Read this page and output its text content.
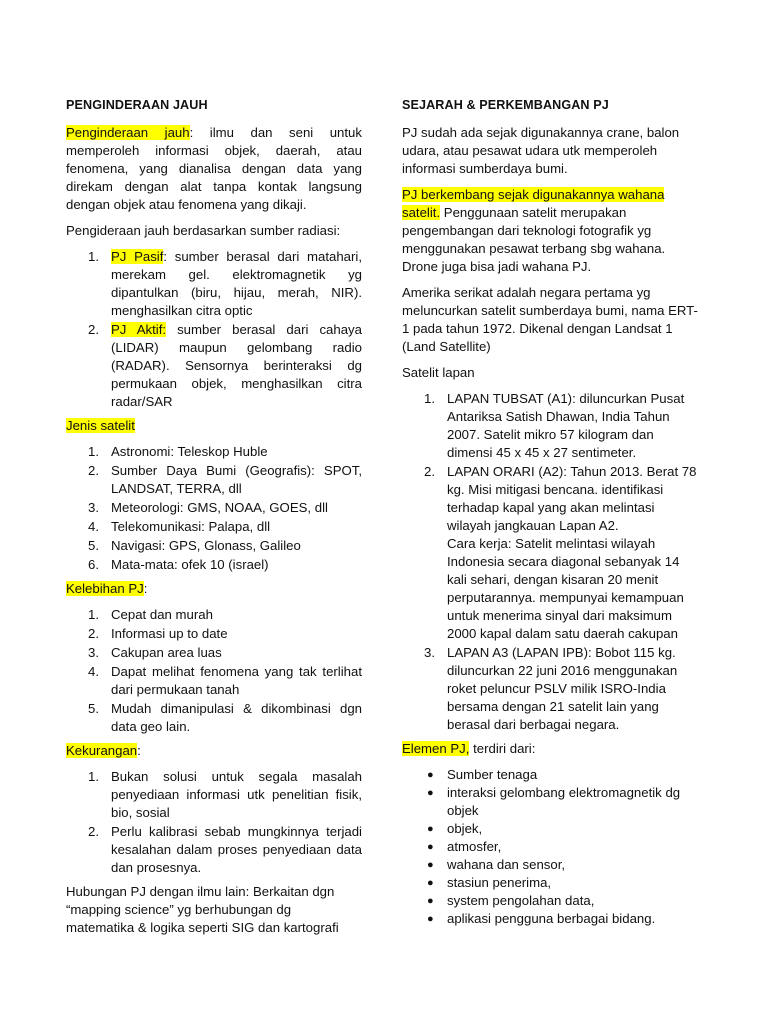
PENGINDERAAN JAUH

Penginderaan jauh: ilmu dan seni untuk memperoleh informasi objek, daerah, atau fenomena, yang dianalisa dengan data yang direkam dengan alat tanpa kontak langsung dengan objek atau fenomena yang dikaji.

Pengideraan jauh berdasarkan sumber radiasi:

1. PJ Pasif: sumber berasal dari matahari, merekam gel. elektromagnetik yg dipantulkan (biru, hijau, merah, NIR). menghasilkan citra optic
2. PJ Aktif: sumber berasal dari cahaya (LIDAR) maupun gelombang radio (RADAR). Sensornya berinteraksi dg permukaan objek, menghasilkan citra radar/SAR

Jenis satelit

1. Astronomi: Teleskop Huble
2. Sumber Daya Bumi (Geografis): SPOT, LANDSAT, TERRA, dll
3. Meteorologi: GMS, NOAA, GOES, dll
4. Telekomunikasi: Palapa, dll
5. Navigasi: GPS, Glonass, Galileo
6. Mata-mata: ofek 10 (israel)

Kelebihan PJ:

1. Cepat dan murah
2. Informasi up to date
3. Cakupan area luas
4. Dapat melihat fenomena yang tak terlihat dari permukaan tanah
5. Mudah dimanipulasi & dikombinasi dgn data geo lain.

Kekurangan:

1. Bukan solusi untuk segala masalah penyediaan informasi utk penelitian fisik, bio, sosial
2. Perlu kalibrasi sebab mungkinnya terjadi kesalahan dalam proses penyediaan data dan prosesnya.

Hubungan PJ dengan ilmu lain: Berkaitan dgn “mapping science” yg berhubungan dg matematika & logika seperti SIG dan kartografi

SEJARAH & PERKEMBANGAN PJ

PJ sudah ada sejak digunakannya crane, balon udara, atau pesawat udara utk memperoleh informasi sumberdaya bumi.

PJ berkembang sejak digunakannya wahana satelit. Penggunaan satelit merupakan pengembangan dari teknologi fotografik yg menggunakan pesawat terbang sbg wahana. Drone juga bisa jadi wahana PJ.

Amerika serikat adalah negara pertama yg meluncurkan satelit sumberdaya bumi, nama ERT-1 pada tahun 1972. Dikenal dengan Landsat 1 (Land Satellite)

Satelit lapan

1. LAPAN TUBSAT (A1): diluncurkan Pusat Antariksa Satish Dhawan, India Tahun 2007. Satelit mikro 57 kilogram dan dimensi 45 x 45 x 27 sentimeter.
2. LAPAN ORARI (A2): Tahun 2013. Berat 78 kg. Misi mitigasi bencana. identifikasi terhadap kapal yang akan melintasi wilayah jangkauan Lapan A2.
Cara kerja: Satelit melintasi wilayah Indonesia secara diagonal sebanyak 14 kali sehari, dengan kisaran 20 menit perputarannya. mempunyai kemampuan untuk menerima sinyal dari maksimum 2000 kapal dalam satu daerah cakupan
3. LAPAN A3 (LAPAN IPB): Bobot 115 kg. diluncurkan 22 juni 2016 menggunakan roket peluncur PSLV milik ISRO-India bersama dengan 21 satelit lain yang berasal dari berbagai negara.

Elemen PJ, terdiri dari:

● Sumber tenaga
● interaksi gelombang elektromagnetik dg objek
● objek,
● atmosfer,
● wahana dan sensor,
● stasiun penerima,
● system pengolahan data,
● aplikasi pengguna berbagai bidang.
